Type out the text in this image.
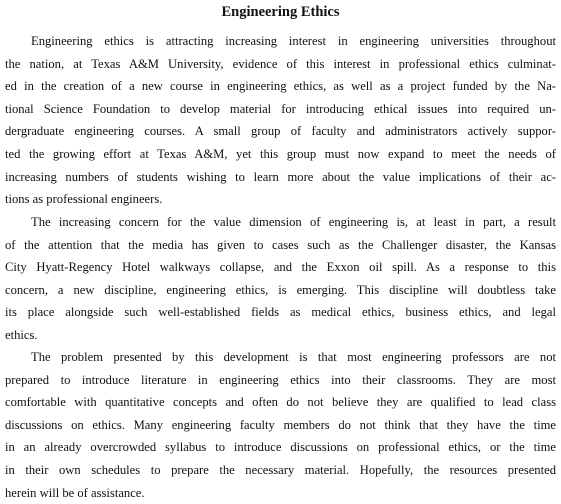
Engineering Ethics
Engineering ethics is attracting increasing interest in engineering universities throughout
the nation, at Texas A&M University, evidence of this interest in professional ethics culminat-
ed in the creation of a new course in engineering ethics, as well as a project funded by the Na-
tional Science Foundation to develop material for introducing ethical issues into required un-
dergraduate engineering courses. A small group of faculty and administrators actively suppor-
ted the growing effort at Texas A&M, yet this group must now expand to meet the needs of
increasing numbers of students wishing to learn more about the value implications of their ac-
tions as professional engineers.
The increasing concern for the value dimension of engineering is, at least in part, a result
of the attention that the media has given to cases such as the Challenger disaster, the Kansas
City Hyatt-Regency Hotel walkways collapse, and the Exxon oil spill. As a response to this
concern, a new discipline, engineering ethics, is emerging. This discipline will doubtless take
its place alongside such well-established fields as medical ethics, business ethics, and legal
ethics.
The problem presented by this development is that most engineering professors are not
prepared to introduce literature in engineering ethics into their classrooms. They are most
comfortable with quantitative concepts and often do not believe they are qualified to lead class
discussions on ethics. Many engineering faculty members do not think that they have the time
in an already overcrowded syllabus to introduce discussions on professional ethics, or the time
in their own schedules to prepare the necessary material. Hopefully, the resources presented
herein will be of assistance.
